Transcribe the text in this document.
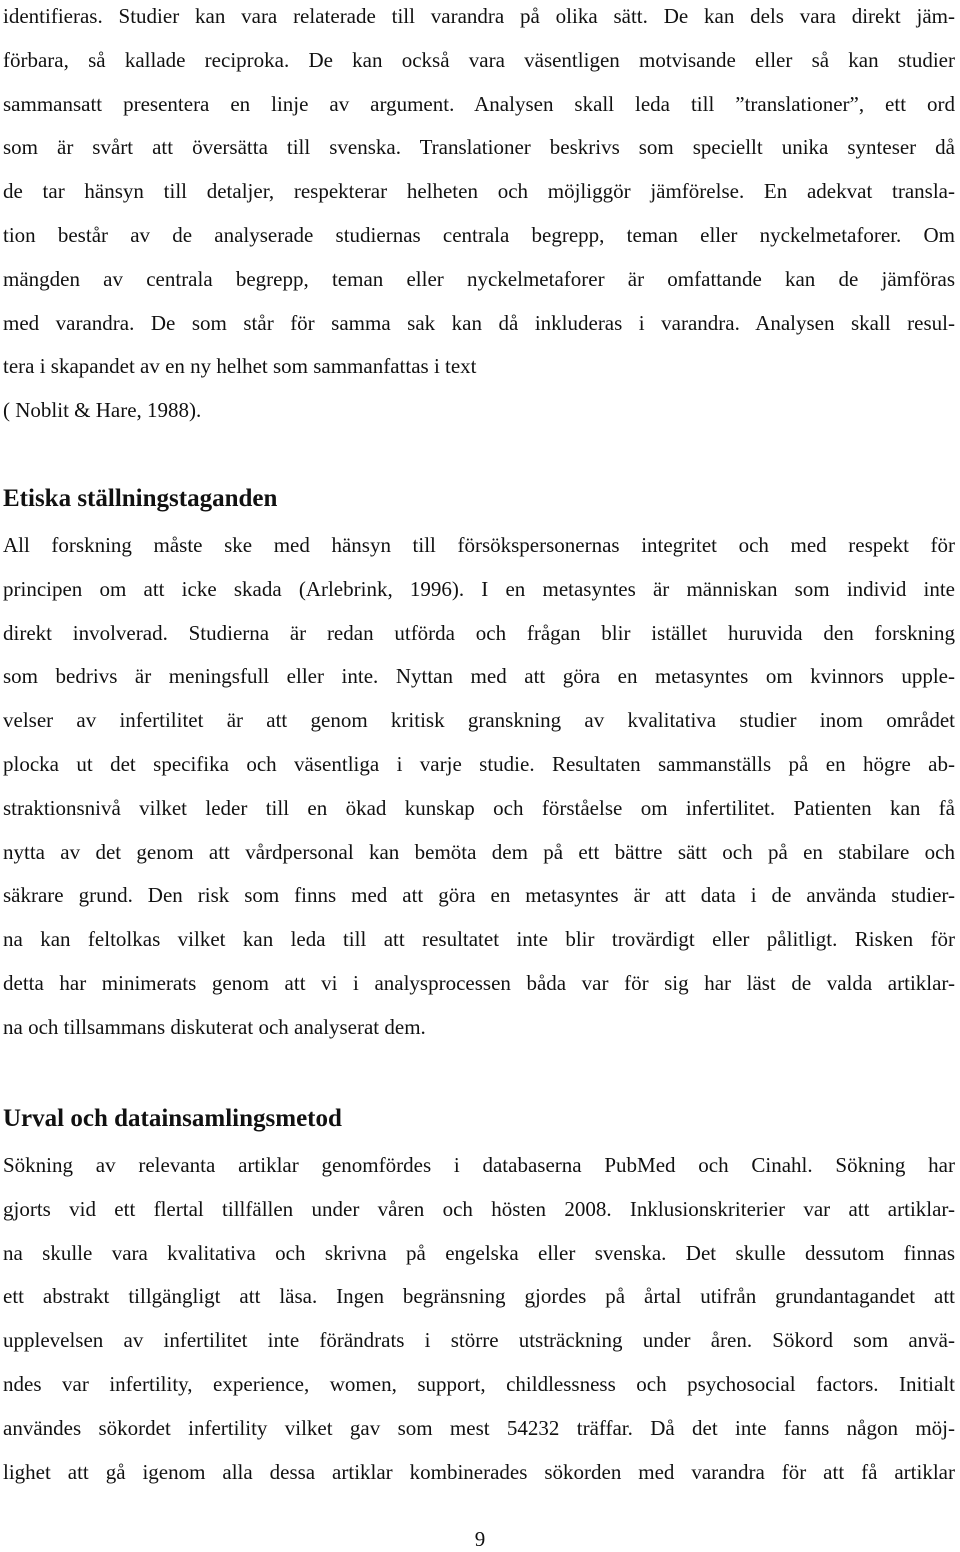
identifieras. Studier kan vara relaterade till varandra på olika sätt. De kan dels vara direkt jäm-
förbara, så kallade reciproka. De kan också vara väsentligen motvisande eller så kan studier
sammansatt presentera en linje av argument. Analysen skall leda till ”translationer”, ett ord
som är svårt att översätta till svenska. Translationer beskrivs som speciellt unika synteser då
de tar hänsyn till detaljer, respekterar helheten och möjliggör jämförelse. En adekvat transla-
tion består av de analyserade studiernas centrala begrepp, teman eller nyckelmetaforer. Om
mängden av centrala begrepp, teman eller nyckelmetaforer är omfattande kan de jämföras
med varandra. De som står för samma sak kan då inkluderas i varandra. Analysen skall resul-
tera i skapandet av en ny helhet som sammanfattas i text
( Noblit & Hare, 1988).

Etiska ställningstaganden

All forskning måste ske med hänsyn till försökspersonernas integritet och med respekt för
principen om att icke skada (Arlebrink, 1996). I en metasyntes är människan som individ inte
direkt involverad. Studierna är redan utförda och frågan blir istället huruvida den forskning
som bedrivs är meningsfull eller inte. Nyttan med att göra en metasyntes om kvinnors upple-
velser av infertilitet är att genom kritisk granskning av kvalitativa studier inom området
plocka ut det specifika och väsentliga i varje studie. Resultaten sammanställs på en högre ab-
straktionsnivå vilket leder till en ökad kunskap och förståelse om infertilitet. Patienten kan få
nytta av det genom att vårdpersonal kan bemöta dem på ett bättre sätt och på en stabilare och
säkrare grund. Den risk som finns med att göra en metasyntes är att data i de använda studier-
na kan feltolkas vilket kan leda till att resultatet inte blir trovärdigt eller pålitligt. Risken för
detta har minimerats genom att vi i analysprocessen båda var för sig har läst de valda artiklar-
na och tillsammans diskuterat och analyserat dem.

Urval och datainsamlingsmetod

Sökning av relevanta artiklar genomfördes i databaserna PubMed och Cinahl. Sökning har
gjorts vid ett flertal tillfällen under våren och hösten 2008. Inklusionskriterier var att artiklar-
na skulle vara kvalitativa och skrivna på engelska eller svenska. Det skulle dessutom finnas
ett abstrakt tillgängligt att läsa. Ingen begränsning gjordes på årtal utifrån grundantagandet att
upplevelsen av infertilitet inte förändrats i större utsträckning under åren. Sökord som anvä-
ndes var infertility, experience, women, support, childlessness och psychosocial factors. Initialt
användes sökordet infertility vilket gav som mest 54232 träffar. Då det inte fanns någon möj-
lighet att gå igenom alla dessa artiklar kombinerades sökorden med varandra för att få artiklar

9
